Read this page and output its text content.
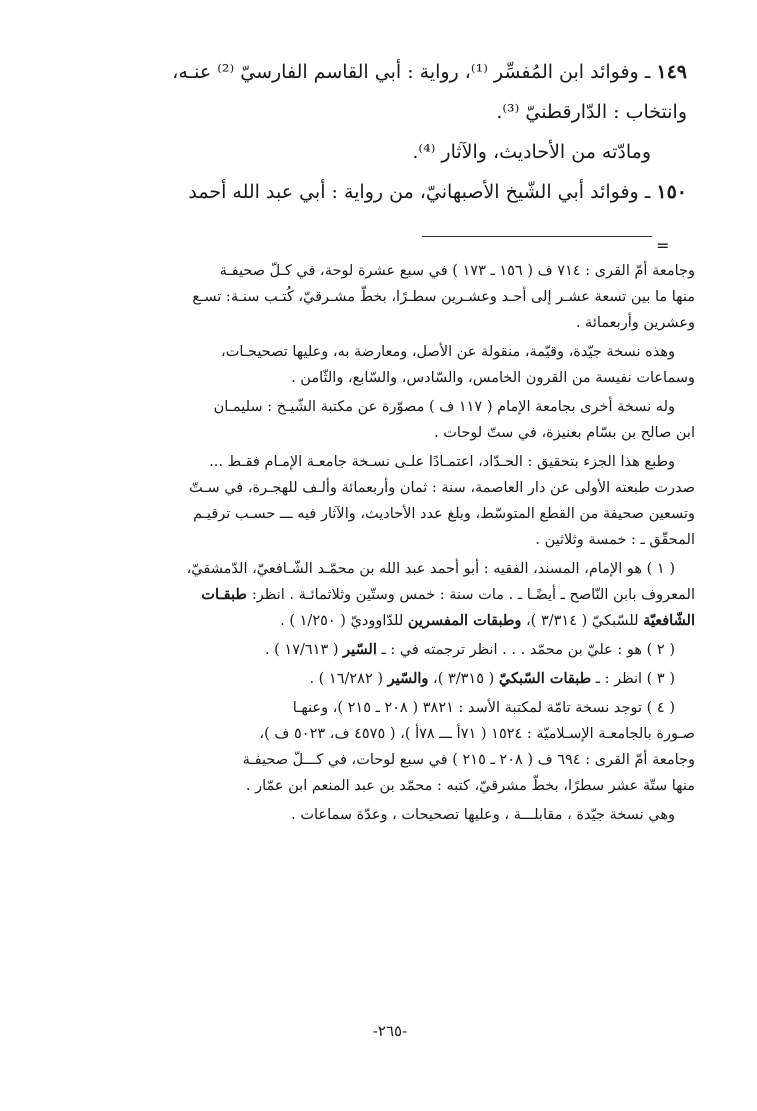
١٤٩ ـ وفوائد ابن المُفسِّر ⁽¹⁾، رواية : أبي القاسم الفارسيّ ⁽²⁾ عنـه،

وانتخاب : الدّارقطنيّ ⁽³⁾.

ومادّته من الأحاديث، والآثار ⁽⁴⁾.

١٥٠ ـ وفوائد أبي الشّيخ الأصبهانيّ، من رواية : أبي عبد الله أحمد

=

وجامعة أمّ القرى : ٧١٤ ف ( ١٥٦ ـ ١٧٣ ) في سبع عشرة لوحة، في كـلّ صحيفـة
منها ما بين تسعة عشـر إلى أحـد وعشـرين سطـرًا، بخطّ مشـرقيّ، كُتـب سنـة: تسـع
وعشرين وأربعمائة .

وهذه نسخة جيّدة، وقيّمة، منقولة عن الأصل، ومعارضة به، وعليها تصحيحـات،
وسماعات نفيسة من القرون الخامس، والسّادس، والسّابع، والثّامن .

وله نسخة أخرى بجامعة الإمام ( ١١٧ ف ) مصوّرة عن مكتبة الشّيـخ : سليمـان
ابن صالح بن بسّام بعنيزة، في ستّ لوحات .

وطبع هذا الجزء بتحقيق : الحـدّاد، اعتمـادًا علـى نسـخة جامعـة الإمـام فقـط ...
صدرت طبعته الأولى عن دار العاصمة، سنة : ثمان وأربعمائة وألـف للهجـرة، في سـتّ
وتسعين صحيفة من القطع المتوسّط، وبلغ عدد الأحاديث، والآثار فيه ـــ حسـب ترقيـم
المحقّق ـ : خمسة وثلاثين .

( ١ ) هو الإمام، المسند، الفقيه : أبو أحمد عبد الله بن محمّـد الشّـافعيّ، الدّمشقيّ،
المعروف بابن النّاصح ـ أيضًـا ـ . مات سنة : خمس وستّين وثلاثمائـة . انظر: طبقـات
الشّافعيّة للسّبكيّ ( ٣/٣١٤ )، وطبقات المفسرين للدّاووديّ ( ١/٢٥٠ ) .

( ٢ ) هو : عليّ بن محمّد . . . انظر ترجمته في : ـ السّير ( ١٧/٦١٣ ) .

( ٣ ) انظر : ـ طبقات السّبكيّ ( ٣/٣١٥ )، والسّير ( ١٦/٢٨٢ ) .

( ٤ ) توجد نسخة تامّة لمكتبة الأسد : ٣٨٢١ ( ٢٠٨ ـ ٢١٥ )، وعنهـا
صـورة بالجامعـة الإسـلاميّة : ١٥٢٤ ( ٧١أ ـــ ٧٨أ )، ( ٤٥٧٥ ف، ٥٠٢٣ ف )،
وجامعة أمّ القرى : ٦٩٤ ف ( ٢٠٨ ـ ٢١٥ ) في سبع لوحات، في كـــلّ صحيفـة
منها ستّة عشر سطرًا، بخطّ مشرقيّ، كتبه : محمّد بن عبد المنعم ابن عمّار .

وهي نسخة جيّدة ، مقابلـــة ، وعليها تصحيحات ، وعدّة سماعات .

-٢٦٥-
